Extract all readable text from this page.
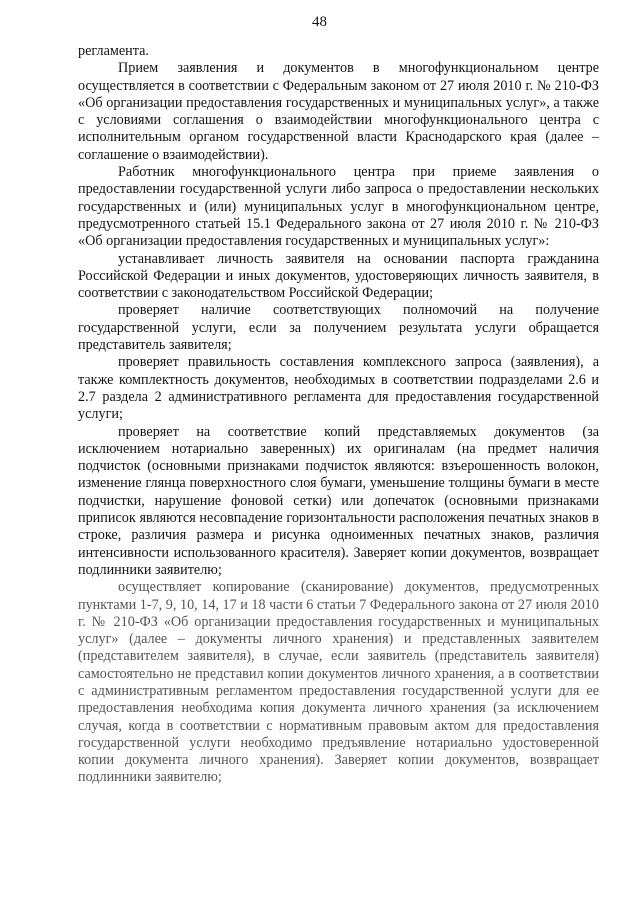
48

регламента.

Прием заявления и документов в многофункциональном центре осуществляется в соответствии с Федеральным законом от 27 июля 2010 г. № 210-ФЗ «Об организации предоставления государственных и муниципальных услуг», а также с условиями соглашения о взаимодействии многофункционального центра с исполнительным органом государственной власти Краснодарского края (далее – соглашение о взаимодействии).

Работник многофункционального центра при приеме заявления о предоставлении государственной услуги либо запроса о предоставлении нескольких государственных и (или) муниципальных услуг в многофункциональном центре, предусмотренного статьей 15.1 Федерального закона от 27 июля 2010 г. № 210-ФЗ «Об организации предоставления государственных и муниципальных услуг»:

устанавливает личность заявителя на основании паспорта гражданина Российской Федерации и иных документов, удостоверяющих личность заявителя, в соответствии с законодательством Российской Федерации;

проверяет наличие соответствующих полномочий на получение государственной услуги, если за получением результата услуги обращается представитель заявителя;

проверяет правильность составления комплексного запроса (заявления), а также комплектность документов, необходимых в соответствии подразделами 2.6 и 2.7 раздела 2 административного регламента для предоставления государственной услуги;

проверяет на соответствие копий представляемых документов (за исключением нотариально заверенных) их оригиналам (на предмет наличия подчисток (основными признаками подчисток являются: взъерошенность волокон, изменение глянца поверхностного слоя бумаги, уменьшение толщины бумаги в месте подчистки, нарушение фоновой сетки) или допечаток (основными признаками приписок являются несовпадение горизонтальности расположения печатных знаков в строке, различия размера и рисунка одноименных печатных знаков, различия интенсивности использованного красителя). Заверяет копии документов, возвращает подлинники заявителю;

осуществляет копирование (сканирование) документов, предусмотренных пунктами 1-7, 9, 10, 14, 17 и 18 части 6 статьи 7 Федерального закона от 27 июля 2010 г. № 210-ФЗ «Об организации предоставления государственных и муниципальных услуг» (далее – документы личного хранения) и представленных заявителем (представителем заявителя), в случае, если заявитель (представитель заявителя) самостоятельно не представил копии документов личного хранения, а в соответствии с административным регламентом предоставления государственной услуги для ее предоставления необходима копия документа личного хранения (за исключением случая, когда в соответствии с нормативным правовым актом для предоставления государственной услуги необходимо предъявление нотариально удостоверенной копии документа личного хранения). Заверяет копии документов, возвращает подлинники заявителю;
